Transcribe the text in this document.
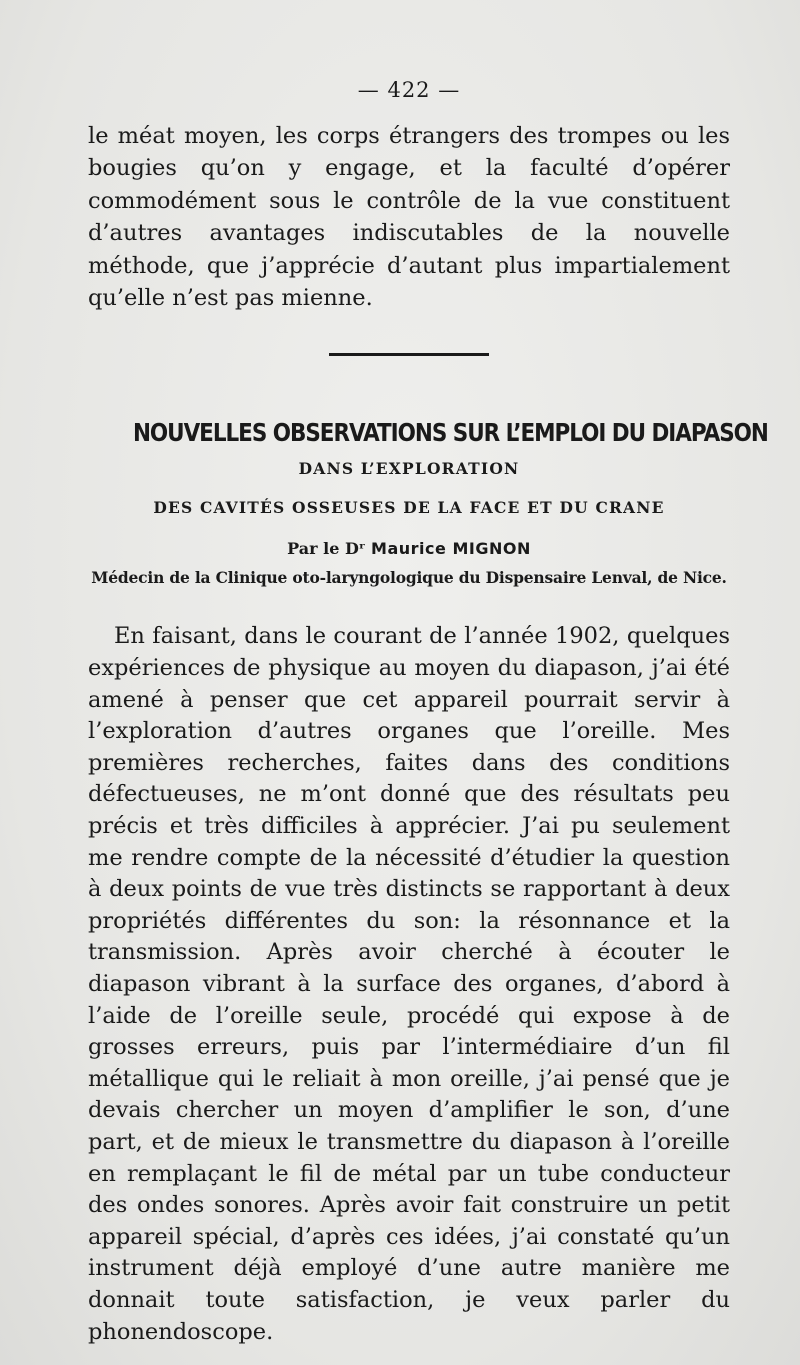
— 422 —

le méat moyen, les corps étrangers des trompes ou les bougies qu’on y engage, et la faculté d’opérer commodément sous le contrôle de la vue constituent d’autres avantages indiscutables de la nouvelle méthode, que j’apprécie d’autant plus impartialement qu’elle n’est pas mienne.

NOUVELLES OBSERVATIONS SUR L’EMPLOI DU DIAPASON
DANS L’EXPLORATION
DES CAVITÉS OSSEUSES DE LA FACE ET DU CRANE
Par le Dʳ Maurice MIGNON
Médecin de la Clinique oto-laryngologique du Dispensaire Lenval, de Nice.

En faisant, dans le courant de l’année 1902, quelques expériences de physique au moyen du diapason, j’ai été amené à penser que cet appareil pourrait servir à l’exploration d’autres organes que l’oreille. Mes premières recherches, faites dans des conditions défectueuses, ne m’ont donné que des résultats peu précis et très difficiles à apprécier. J’ai pu seulement me rendre compte de la nécessité d’étudier la question à deux points de vue très distincts se rapportant à deux propriétés différentes du son: la résonnance et la transmission. Après avoir cherché à écouter le diapason vibrant à la surface des organes, d’abord à l’aide de l’oreille seule, procédé qui expose à de grosses erreurs, puis par l’intermédiaire d’un fil métallique qui le reliait à mon oreille, j’ai pensé que je devais chercher un moyen d’amplifier le son, d’une part, et de mieux le transmettre du diapason à l’oreille en remplaçant le fil de métal par un tube conducteur des ondes sonores. Après avoir fait construire un petit appareil spécial, d’après ces idées, j’ai constaté qu’un instrument déjà employé d’une autre manière me donnait toute satisfaction, je veux parler du phonendoscope.
